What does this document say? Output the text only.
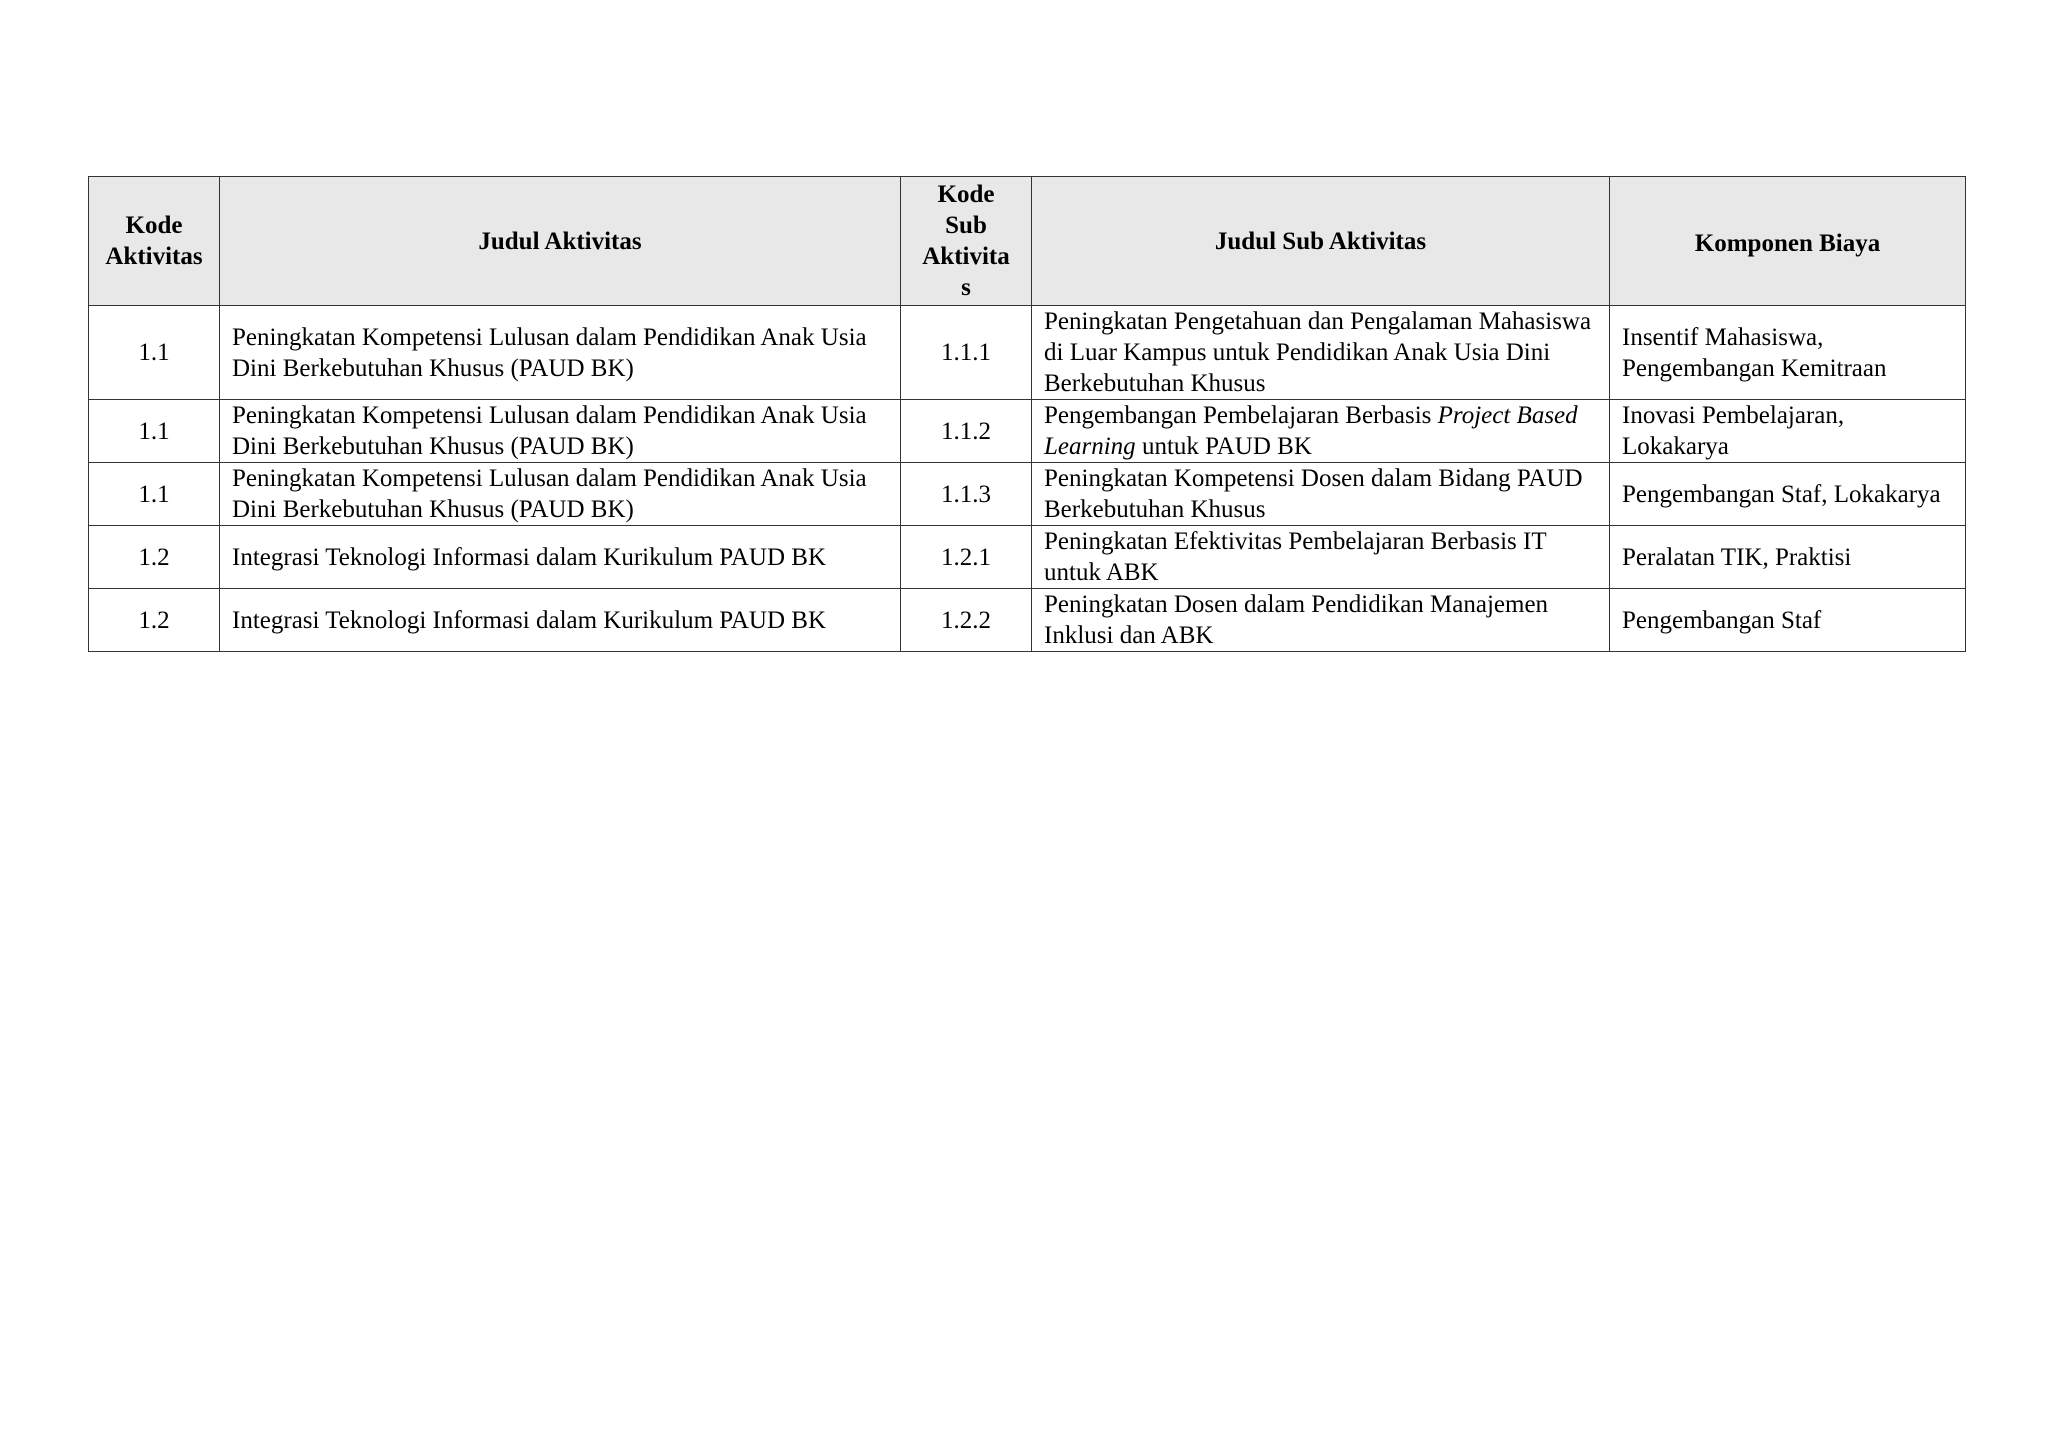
Kode Aktivitas	Judul Aktivitas	Kode
Sub
Aktivita
s	Judul Sub Aktivitas	Komponen Biaya
1.1	Peningkatan Kompetensi Lulusan dalam Pendidikan Anak Usia Dini Berkebutuhan Khusus (PAUD BK)	1.1.1	Peningkatan Pengetahuan dan Pengalaman Mahasiswa di Luar Kampus untuk Pendidikan Anak Usia Dini Berkebutuhan Khusus	Insentif Mahasiswa, Pengembangan Kemitraan
1.1	Peningkatan Kompetensi Lulusan dalam Pendidikan Anak Usia Dini Berkebutuhan Khusus (PAUD BK)	1.1.2	Pengembangan Pembelajaran Berbasis Project Based Learning untuk PAUD BK	Inovasi Pembelajaran, Lokakarya
1.1	Peningkatan Kompetensi Lulusan dalam Pendidikan Anak Usia Dini Berkebutuhan Khusus (PAUD BK)	1.1.3	Peningkatan Kompetensi Dosen dalam Bidang PAUD Berkebutuhan Khusus	Pengembangan Staf, Lokakarya
1.2	Integrasi Teknologi Informasi dalam Kurikulum PAUD BK	1.2.1	Peningkatan Efektivitas Pembelajaran Berbasis IT untuk ABK	Peralatan TIK, Praktisi
1.2	Integrasi Teknologi Informasi dalam Kurikulum PAUD BK	1.2.2	Peningkatan Dosen dalam Pendidikan Manajemen Inklusi dan ABK	Pengembangan Staf
